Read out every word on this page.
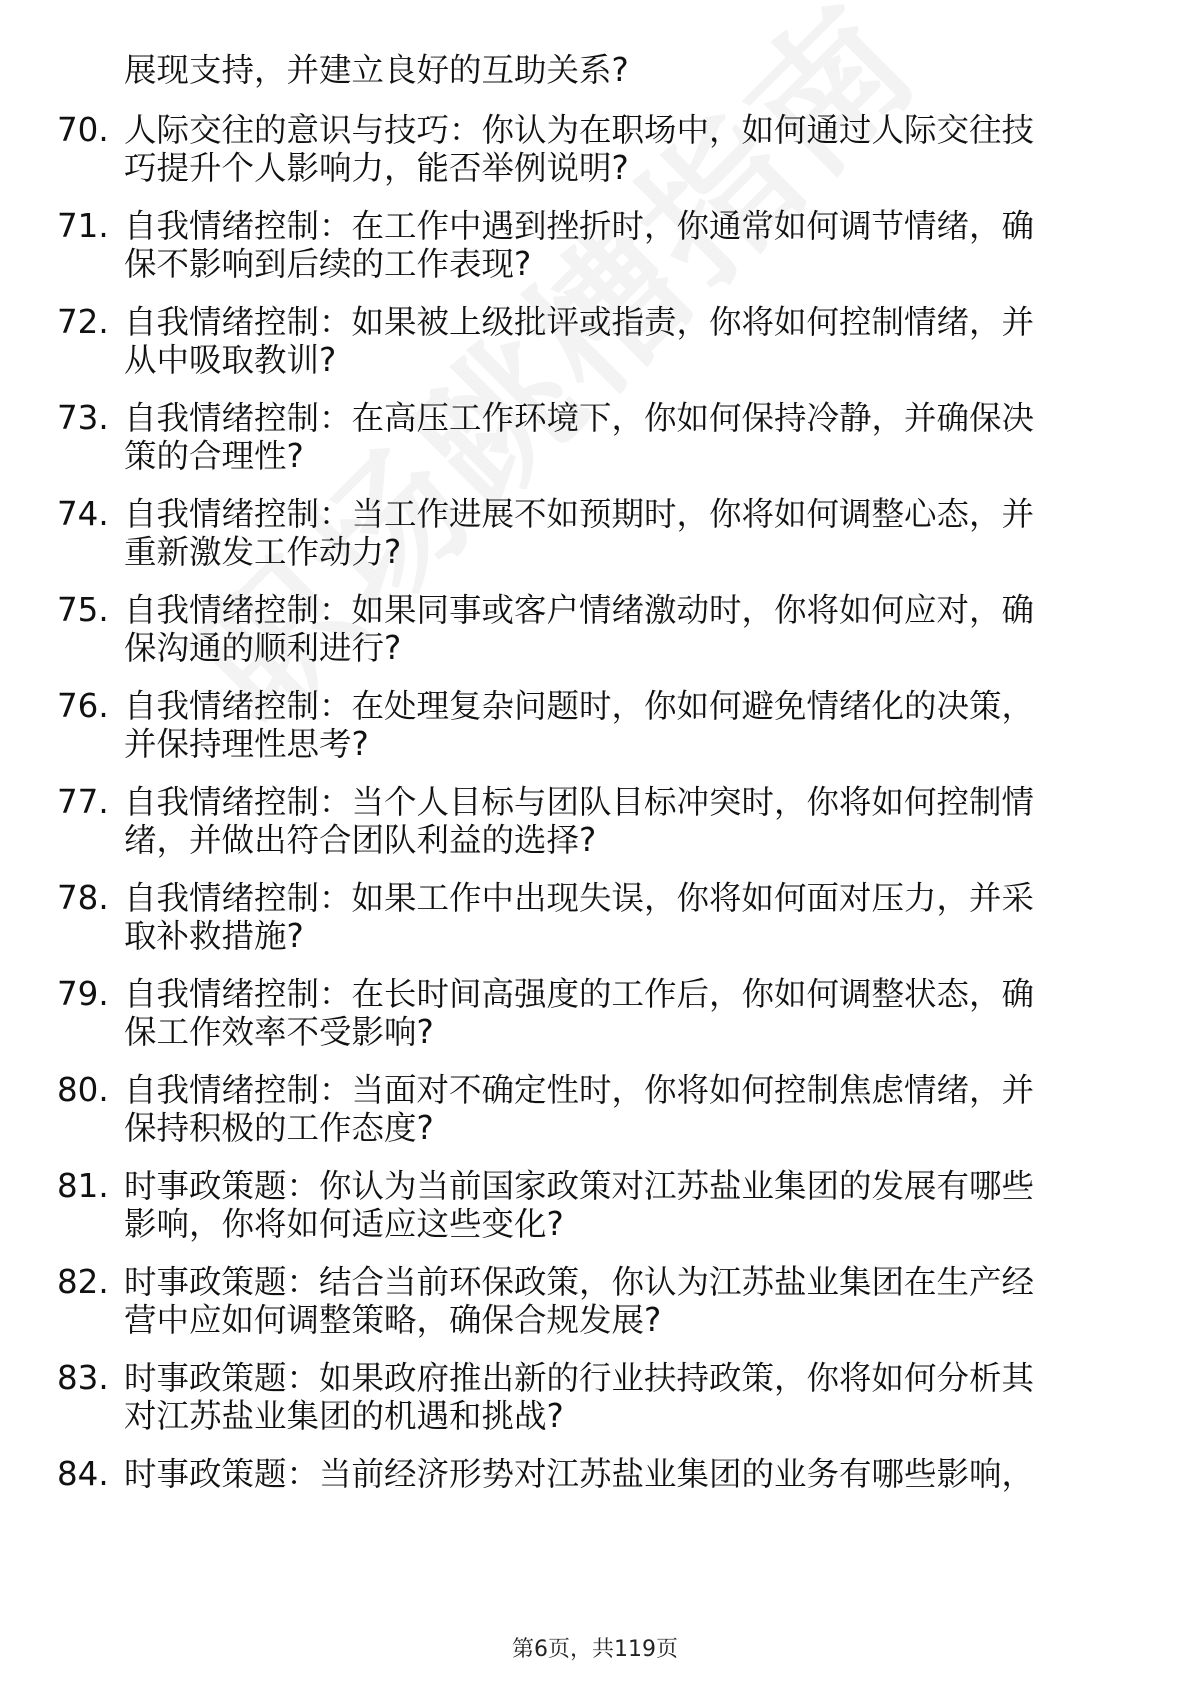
展现支持，并建立良好的互助关系?
70. 人际交往的意识与技巧：你认为在职场中，如何通过人际交往技
巧提升个人影响力，能否举例说明?
71. 自我情绪控制：在工作中遇到挫折时，你通常如何调节情绪，确
保不影响到后续的工作表现?
72. 自我情绪控制：如果被上级批评或指责，你将如何控制情绪，并
从中吸取教训?
73. 自我情绪控制：在高压工作环境下，你如何保持冷静，并确保决
策的合理性?
74. 自我情绪控制：当工作进展不如预期时，你将如何调整心态，并
重新激发工作动力?
75. 自我情绪控制：如果同事或客户情绪激动时，你将如何应对，确
保沟通的顺利进行?
76. 自我情绪控制：在处理复杂问题时，你如何避免情绪化的决策，
并保持理性思考?
77. 自我情绪控制：当个人目标与团队目标冲突时，你将如何控制情
绪，并做出符合团队利益的选择?
78. 自我情绪控制：如果工作中出现失误，你将如何面对压力，并采
取补救措施?
79. 自我情绪控制：在长时间高强度的工作后，你如何调整状态，确
保工作效率不受影响?
80. 自我情绪控制：当面对不确定性时，你将如何控制焦虑情绪，并
保持积极的工作态度?
81. 时事政策题：你认为当前国家政策对江苏盐业集团的发展有哪些
影响，你将如何适应这些变化?
82. 时事政策题：结合当前环保政策，你认为江苏盐业集团在生产经
营中应如何调整策略，确保合规发展?
83. 时事政策题：如果政府推出新的行业扶持政策，你将如何分析其
对江苏盐业集团的机遇和挑战?
84. 时事政策题：当前经济形势对江苏盐业集团的业务有哪些影响，
第6页，共119页
